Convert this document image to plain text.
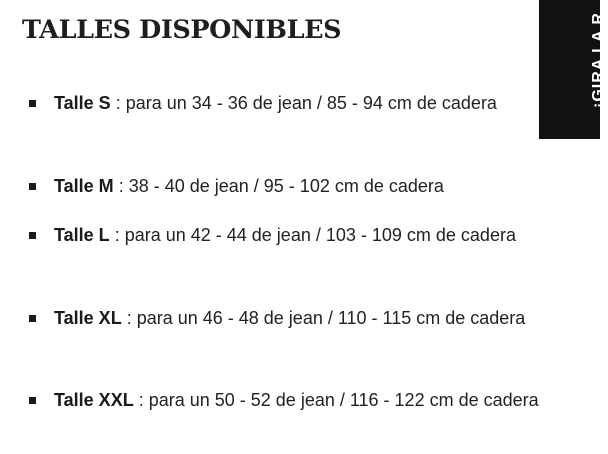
TALLES DISPONIBLES
Talle S : para un 34 - 36 de jean / 85 - 94 cm de cadera
Talle M : 38 - 40 de jean / 95 - 102 cm de cadera
Talle L : para un 42 - 44 de jean / 103 - 109 cm de cadera
Talle XL : para un 46 - 48 de jean / 110 - 115 cm de cadera
Talle XXL : para un 50 - 52 de jean / 116 - 122 cm de cadera
¡GIRA LA R
